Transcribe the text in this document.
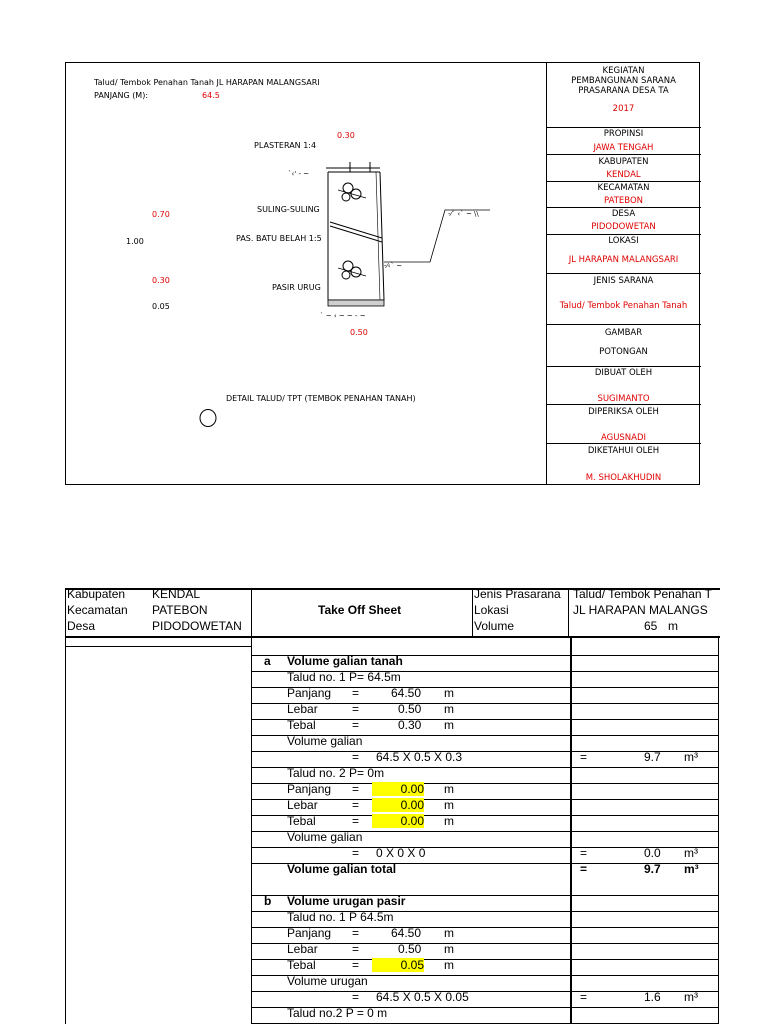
Talud/ Tembok Penahan Tanah JL HARAPAN MALANGSARI
PANJANG (M):	64.5
`‹' - ~
-⁄‹` ~
-⁄` ‹` ~ \\
` ~ ‹ ~ ~ - ~
0.30
PLASTERAN 1:4
SULING-SULING
0.70
PAS. BATU BELAH 1:5
1.00
0.30
PASIR URUG
0.05
0.50
DETAIL TALUD/ TPT (TEMBOK PENAHAN TANAH)
KEGIATAN
PEMBANGUNAN SARANA
PRASARANA DESA TA
2017
PROPINSI
JAWA TENGAH
KABUPATEN
KENDAL
KECAMATAN
PATEBON
DESA
PIDODOWETAN
LOKASI
JL HARAPAN MALANGSARI
JENIS SARANA
Talud/ Tembok Penahan Tanah
GAMBAR
POTONGAN
DIBUAT OLEH
SUGIMANTO
DIPERIKSA OLEH
AGUSNADI
DIKETAHUI OLEH
M. SHOLAKHUDIN
Kabupaten KENDAL
Kecamatan PATEBON
Desa	PIDODOWETAN
Take Off Sheet
Jenis Prasarana Talud/ Tembok Penahan T
Lokasi	JL HARAPAN MALANGS
Volume	65 m
a Volume galian tanah
Talud no. 1 P= 64.5m
Panjang =	64.50 m
Lebar	=	0.50 m
Tebal	=	0.30 m
Volume galian
= 64.5 X 0.5 X 0.3	=	9.7 m³
Talud no. 2 P= 0m
Panjang =	0.00 m
Lebar	=	0.00 m
Tebal	=	0.00 m
Volume galian
= 0 X 0 X 0	=	0.0 m³
Volume galian total	=	9.7 m³
b Volume urugan pasir
Talud no. 1 P 64.5m
Panjang =	64.50 m
Lebar	=	0.50 m
Tebal	=	0.05 m
Volume urugan
= 64.5 X 0.5 X 0.05	=	1.6 m³
Talud no.2 P = 0 m
